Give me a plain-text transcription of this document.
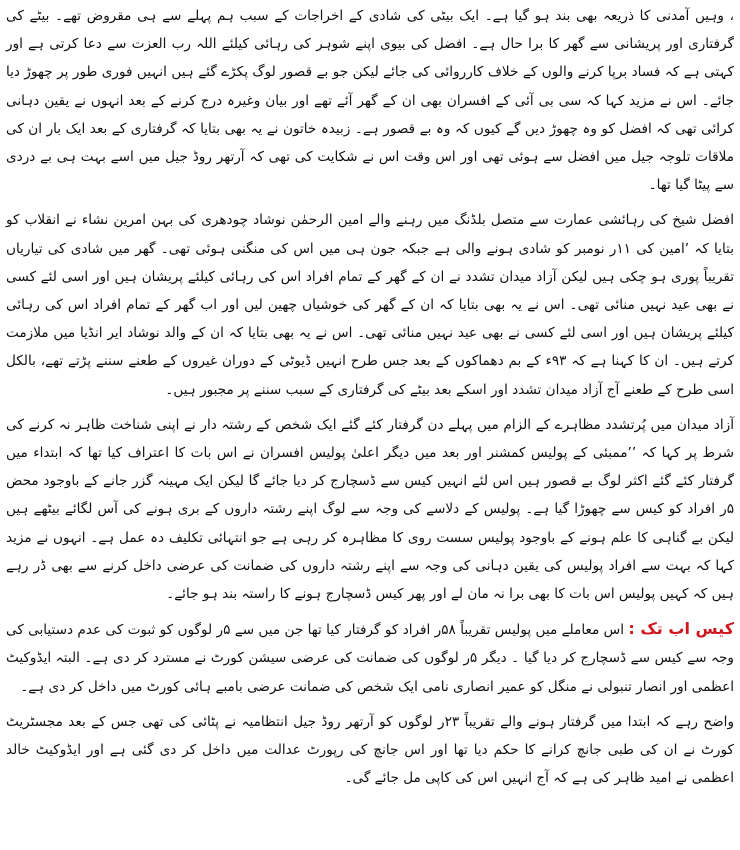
، وہیں آمدنی کا ذریعہ بھی بند ہو گیا ہے۔ ایک بیٹی کی شادی کے اخراجات کے سبب ہم پہلے سے ہی مقروض تھے۔ بیٹے کی گرفتاری اور پریشانی سے گھر کا برا حال ہے۔ افضل کی بیوی اپنے شوہر کی رہائی کیلئے اللہ رب العزت سے دعا کرتی ہے اور کہتی ہے کہ فساد برپا کرنے والوں کے خلاف کارروائی کی جائے لیکن جو بے قصور لوگ پکڑے گئے ہیں انہیں فوری طور پر چھوڑ دیا جائے۔ اس نے مزید کہا کہ سی بی آئی کے افسران بھی ان کے گھر آئے تھے اور بیان وغیرہ درج کرنے کے بعد انہوں نے یقین دہانی کرائی تھی کہ افضل کو وہ چھوڑ دیں گے کیوں کہ وہ بے قصور ہے۔ زبیدہ خاتون نے یہ بھی بتایا کہ گرفتاری کے بعد ایک بار ان کی ملاقات تلوجہ جیل میں افضل سے ہوئی تھی اور اس وقت اس نے شکایت کی تھی کہ آرتھر روڈ جیل میں اسے بہت ہی بے دردی سے پیٹا گیا تھا۔

افضل شیخ کی رہائشی عمارت سے متصل بلڈنگ میں رہنے والے امین الرحمٰن نوشاد چودھری کی بہن امرین نشاء نے انقلاب کو بتایا کہ ’امین کی ۱۱ر نومبر کو شادی ہونے والی ہے جبکہ جون ہی میں اس کی منگنی ہوئی تھی۔ گھر میں شادی کی تیاریاں تقریباً پوری ہو چکی ہیں لیکن آزاد میدان تشدد نے ان کے گھر کے تمام افراد اس کی رہائی کیلئے پریشان ہیں اور اسی لئے کسی نے بھی عید نہیں منائی تھی۔ اس نے یہ بھی بتایا کہ ان کے گھر کی خوشیاں چھین لیں اور اب گھر کے تمام افراد اس کی رہائی کیلئے پریشان ہیں اور اسی لئے کسی نے بھی عید نہیں منائی تھی۔ اس نے یہ بھی بتایا کہ ان کے والد نوشاد ایر انڈیا میں ملازمت کرتے ہیں۔ ان کا کہنا ہے کہ ۹۳ء کے بم دھماکوں کے بعد جس طرح انہیں ڈیوٹی کے دوران غیروں کے طعنے سننے پڑتے تھے، بالکل اسی طرح کے طعنے آج آزاد میدان تشدد اور اسکے بعد بیٹے کی گرفتاری کے سبب سننے پر مجبور ہیں۔

آزاد میدان میں پُرتشدد مظاہرے کے الزام میں پہلے دن گرفتار کئے گئے ایک شخص کے رشتہ دار نے اپنی شناخت ظاہر نہ کرنے کی شرط پر کہا کہ ’’ممبئی کے پولیس کمشنر اور بعد میں دیگر اعلیٰ پولیس افسران نے اس بات کا اعتراف کیا تھا کہ ابتداء میں گرفتار کئے گئے اکثر لوگ بے قصور ہیں اس لئے انہیں کیس سے ڈسچارج کر دیا جائے گا لیکن ایک مہینہ گزر جانے کے باوجود محض ۵ر افراد کو کیس سے چھوڑا گیا ہے۔ پولیس کے دلاسے کی وجہ سے لوگ اپنے رشتہ داروں کے بری ہونے کی آس لگائے بیٹھے ہیں لیکن بے گناہی کا علم ہونے کے باوجود پولیس سست روی کا مظاہرہ کر رہی ہے جو انتہائی تکلیف دہ عمل ہے۔ انہوں نے مزید کہا کہ بہت سے افراد پولیس کی یقین دہانی کی وجہ سے اپنے رشتہ داروں کی ضمانت کی عرضی داخل کرنے سے بھی ڈر رہے ہیں کہ کہیں پولیس اس بات کا بھی برا نہ مان لے اور پھر کیس ڈسچارج ہونے کا راستہ بند ہو جائے۔

کیس اب تک : اس معاملے میں پولیس تقریباً ۵۸ر افراد کو گرفتار کیا تھا جن میں سے ۵ر لوگوں کو ثبوت کی عدم دستیابی کی وجہ سے کیس سے ڈسچارج کر دیا گیا ۔ دیگر ۵ر لوگوں کی ضمانت کی عرضی سیشن کورٹ نے مسترد کر دی ہے۔ البتہ ایڈوکیٹ اعظمی اور انصار تنبولی نے منگل کو عمیر انصاری نامی ایک شخص کی ضمانت عرضی بامبے ہائی کورٹ میں داخل کر دی ہے۔

واضح رہے کہ ابتدا میں گرفتار ہونے والے تقریباً ۲۳ر لوگوں کو آرتھر روڈ جیل انتظامیہ نے پٹائی کی تھی جس کے بعد مجسٹریٹ کورٹ نے ان کی طبی جانچ کرانے کا حکم دیا تھا اور اس جانچ کی رپورٹ عدالت میں داخل کر دی گئی ہے اور ایڈوکیٹ خالد اعظمی نے امید ظاہر کی ہے کہ آج انہیں اس کی کاپی مل جائے گی۔
